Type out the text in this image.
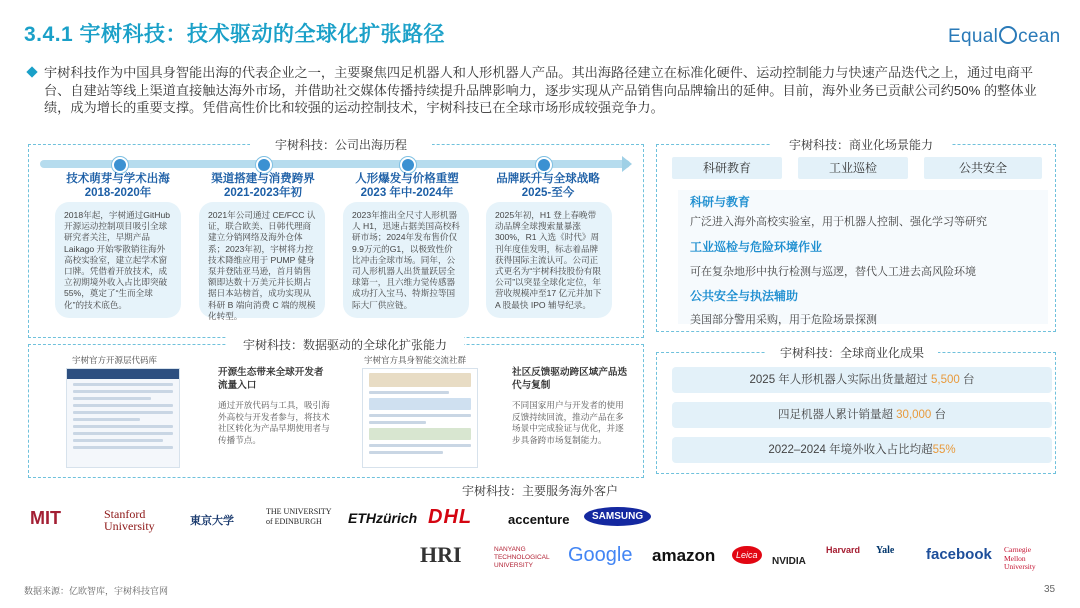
3.4.1 宇树科技：技术驱动的全球化扩张路径	Equal cean
宇树科技作为中国具身智能出海的代表企业之一，主要聚焦四足机器人和人形机器人产品。其出海路径建立在标准化硬件、运动控制能力与快速产品迭代之上，通过电商平台、自建站等线上渠道直接触达海外市场，并借助社交媒体传播持续提升品牌影响力，逐步实现从产品销售向品牌输出的延伸。目前，海外业务已贡献公司约50% 的整体业绩，成为增长的重要支撑。凭借高性价比和较强的运动控制技术，宇树科技已在全球市场形成较强竞争力。
宇树科技：公司出海历程
技术萌芽与学术出海
2018-2020年
渠道搭建与消费跨界
2021-2023年初
人形爆发与价格重塑
2023 年中-2024年
品牌跃升与全球战略
2025-至今
2018年起，宇树通过GitHub 开源运动控制项目吸引全球研究者关注，早期产品 Laikago 开始零散销往海外高校实验室，建立起学术窗口牌。凭借着开放技术，成立初期境外收入占比即突破55%，奠定了“生而全球化”的技术底色。
2021年公司通过 CE/FCC 认证，联合欧美、日韩代理商建立分销网络及海外仓体系；2023年初，宇树将力控技术降维应用于 PUMP 健身泵并登陆亚马逊，首月销售额即达数十万美元并长期占据日本站榜首，成功实现从科研 B 端向消费 C 端的规模化转型。
2023年推出全尺寸人形机器人 H1，迅速占据美国高校科研市场；2024年发布售价仅9.9万元的G1，以极致性价比冲击全球市场。同年，公司人形机器人出货量跃居全球第一，且六维力觉传感器成功打入宝马、特斯拉等国际大厂供应链。
2025年初，H1 登上春晚带动品牌全球搜索量暴涨300%，R1 入选《时代》周刊年度佳发明，标志着品牌获得国际主流认可。公司正式更名为“宇树科技股份有限公司”以突显全球化定位，年营收规模冲至17 亿元并加下A 股最快 IPO 辅导纪录。
宇树科技：商业化场景能力
科研教育	工业巡检	公共安全
科研与教育
广泛进入海外高校实验室，用于机器人控制、强化学习等研究
工业巡检与危险环境作业
可在复杂地形中执行检测与巡逻，替代人工进去高风险环境
公共安全与执法辅助
美国部分警用采购，用于危险场景探测
宇树科技：数据驱动的全球化扩张能力
宇树官方开源层代码库
开源生态带来全球开发者流量入口
通过开放代码与工具，吸引海外高校与开发者参与，将技术社区转化为产品早期使用者与传播节点。
宇树官方具身智能交流社群
社区反馈驱动跨区域产品迭代与复制
不同国家用户与开发者的使用反馈持续回流，推动产品在多场景中完成验证与优化，并逐步具备跨市场复制能力。
宇树科技：全球商业化成果
2025 年人形机器人实际出货量超过 5,500 台
四足机器人累计销量超 30,000 台
2022–2024 年境外收入占比均超55%
宇树科技：主要服务海外客户
MIT	Stanford University	東京大学
THE UNIVERSITY of EDINBURGH	ETHzürich DHL	accenture	SAMSUNG
HRI	NANYANG TECHNOLOGICAL UNIVERSITY	Google amazon	Leica
NVIDIA
Harvard Yale facebook Carnegie Mellon University
数据来源：亿欧智库，宇树科技官网	35
